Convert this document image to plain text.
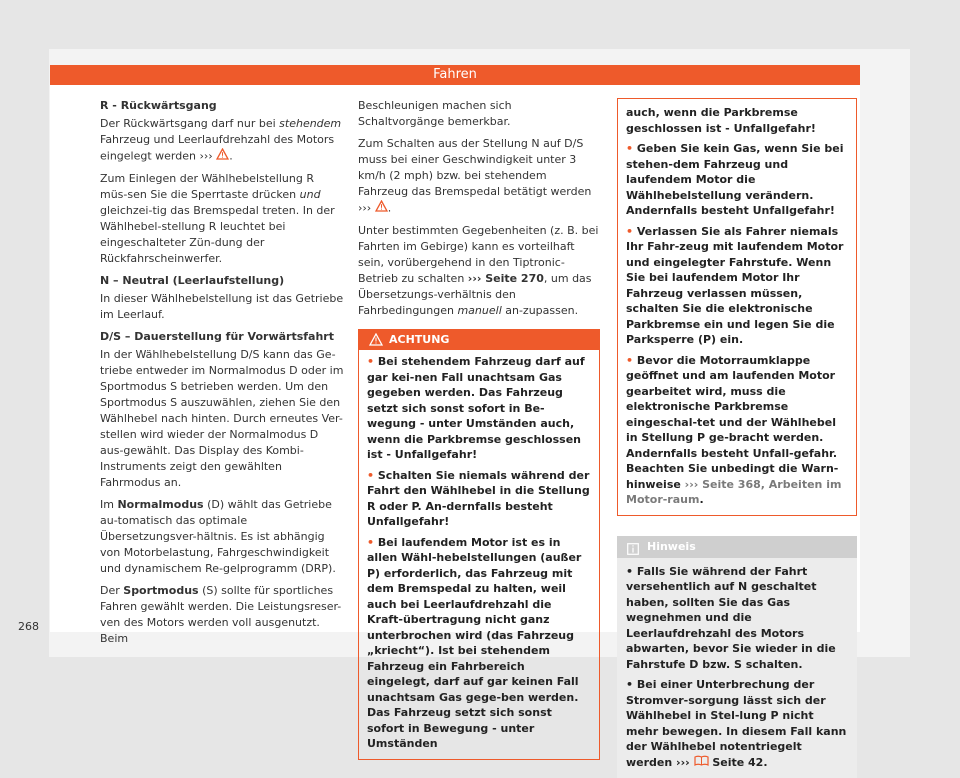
Fahren
R - Rückwärtsgang

Der Rückwärtsgang darf nur bei stehendem Fahrzeug und Leerlaufdrehzahl des Motors eingelegt werden ››› .

Zum Einlegen der Wählhebelstellung R müs-sen Sie die Sperrtaste drücken und gleichzei-tig das Bremspedal treten. In der Wählhebel-stellung R leuchtet bei eingeschalteter Zün-dung der Rückfahrscheinwerfer.

N – Neutral (Leerlaufstellung)

In dieser Wählhebelstellung ist das Getriebe im Leerlauf.

D/S – Dauerstellung für Vorwärtsfahrt

In der Wählhebelstellung D/S kann das Ge-triebe entweder im Normalmodus D oder im Sportmodus S betrieben werden. Um den Sportmodus S auszuwählen, ziehen Sie den Wählhebel nach hinten. Durch erneutes Ver-stellen wird wieder der Normalmodus D aus-gewählt. Das Display des Kombi-Instruments zeigt den gewählten Fahrmodus an.

Im Normalmodus (D) wählt das Getriebe au-tomatisch das optimale Übersetzungsver-hältnis. Es ist abhängig von Motorbelastung, Fahrgeschwindigkeit und dynamischem Re-gelprogramm (DRP).

Der Sportmodus (S) sollte für sportliches Fahren gewählt werden. Die Leistungsreser-ven des Motors werden voll ausgenutzt. Beim

Beschleunigen machen sich Schaltvorgänge bemerkbar.

Zum Schalten aus der Stellung N auf D/S muss bei einer Geschwindigkeit unter 3 km/h (2 mph) bzw. bei stehendem Fahrzeug das Bremspedal betätigt werden ››› .

Unter bestimmten Gegebenheiten (z. B. bei Fahrten im Gebirge) kann es vorteilhaft sein, vorübergehend in den Tiptronic-Betrieb zu schalten ››› Seite 270, um das Übersetzungs-verhältnis den Fahrbedingungen manuell an-zupassen.

ACHTUNG

• Bei stehendem Fahrzeug darf auf gar kei-nen Fall unachtsam Gas gegeben werden. Das Fahrzeug setzt sich sonst sofort in Be-wegung - unter Umständen auch, wenn die Parkbremse geschlossen ist - Unfallgefahr!

• Schalten Sie niemals während der Fahrt den Wählhebel in die Stellung R oder P. An-dernfalls besteht Unfallgefahr!

• Bei laufendem Motor ist es in allen Wähl-hebelstellungen (außer P) erforderlich, das Fahrzeug mit dem Bremspedal zu halten, weil auch bei Leerlaufdrehzahl die Kraft-übertragung nicht ganz unterbrochen wird (das Fahrzeug „kriecht“). Ist bei stehendem Fahrzeug ein Fahrbereich eingelegt, darf auf gar keinen Fall unachtsam Gas gege-ben werden. Das Fahrzeug setzt sich sonst sofort in Bewegung - unter Umständen

auch, wenn die Parkbremse geschlossen ist - Unfallgefahr!

• Geben Sie kein Gas, wenn Sie bei stehen-dem Fahrzeug und laufendem Motor die Wählhebelstellung verändern. Andernfalls besteht Unfallgefahr!

• Verlassen Sie als Fahrer niemals Ihr Fahr-zeug mit laufendem Motor und eingelegter Fahrstufe. Wenn Sie bei laufendem Motor Ihr Fahrzeug verlassen müssen, schalten Sie die elektronische Parkbremse ein und legen Sie die Parksperre (P) ein.

• Bevor die Motorraumklappe geöffnet und am laufenden Motor gearbeitet wird, muss die elektronische Parkbremse eingeschal-tet und der Wählhebel in Stellung P ge-bracht werden. Andernfalls besteht Unfall-gefahr. Beachten Sie unbedingt die Warn-hinweise ››› Seite 368, Arbeiten im Motor-raum.

Hinweis

• Falls Sie während der Fahrt versehentlich auf N geschaltet haben, sollten Sie das Gas wegnehmen und die Leerlaufdrehzahl des Motors abwarten, bevor Sie wieder in die Fahrstufe D bzw. S schalten.

• Bei einer Unterbrechung der Stromver-sorgung lässt sich der Wählhebel in Stel-lung P nicht mehr bewegen. In diesem Fall kann der Wählhebel notentriegelt werden ›››  Seite 42.

268
